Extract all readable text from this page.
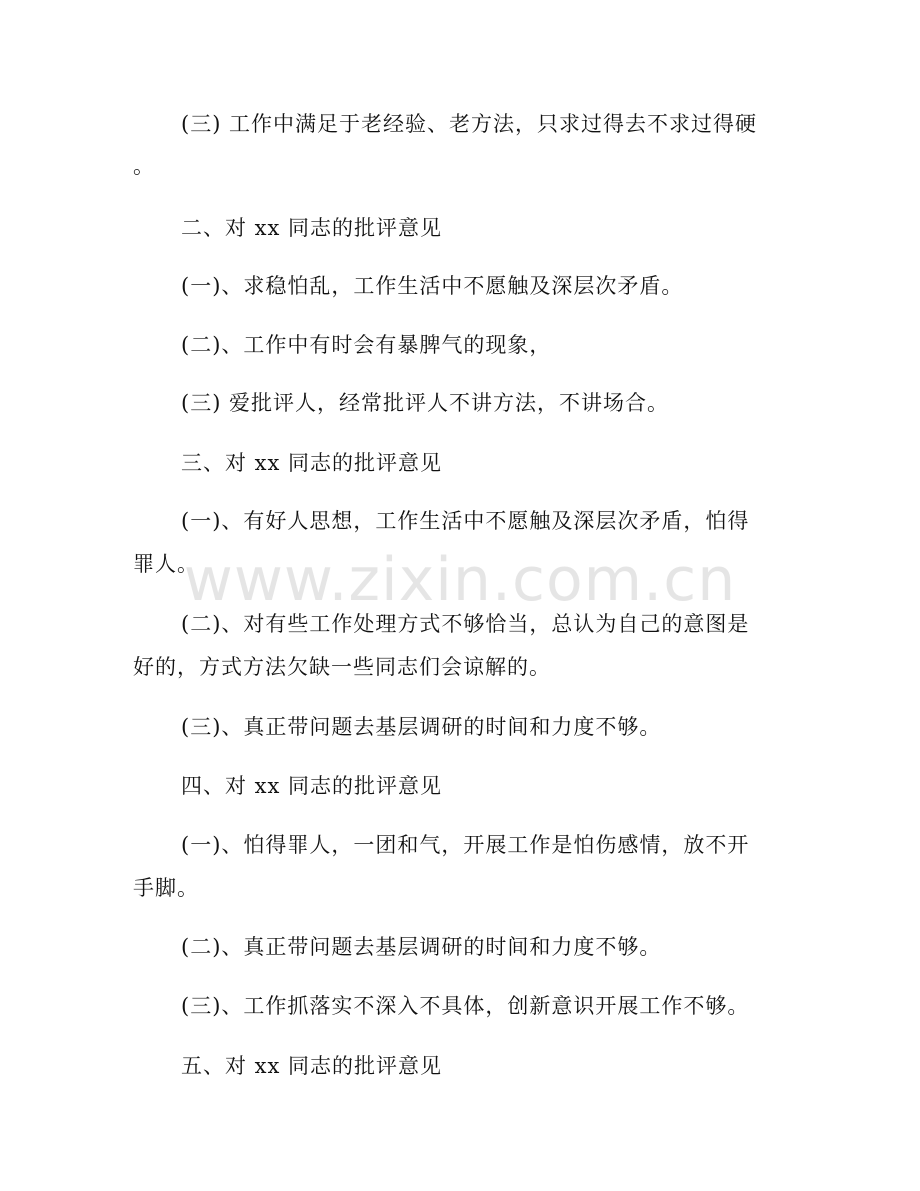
(三) 工作中满足于老经验、老方法，只求过得去不求过得硬
。
二、对 xx 同志的批评意见
(一)、求稳怕乱，工作生活中不愿触及深层次矛盾。
(二)、工作中有时会有暴脾气的现象，
(三) 爱批评人，经常批评人不讲方法，不讲场合。
三、对 xx 同志的批评意见
(一)、有好人思想，工作生活中不愿触及深层次矛盾，怕得
罪人。
(二)、对有些工作处理方式不够恰当，总认为自己的意图是
好的，方式方法欠缺一些同志们会谅解的。
(三)、真正带问题去基层调研的时间和力度不够。
四、对 xx 同志的批评意见
(一)、怕得罪人，一团和气，开展工作是怕伤感情，放不开
手脚。
(二)、真正带问题去基层调研的时间和力度不够。
(三)、工作抓落实不深入不具体，创新意识开展工作不够。
五、对 xx 同志的批评意见
www.zixin.com.cn
